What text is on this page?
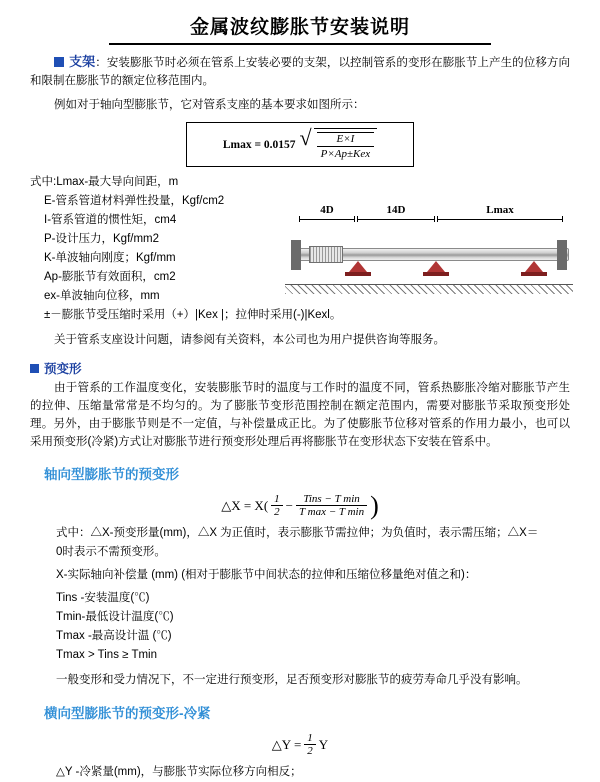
金属波纹膨胀节安装说明
支架：安装膨胀节时必须在管系上安装必要的支架，以控制管系的变形在膨胀节上产生的位移方向和限制在膨胀节的额定位移范围内。
例如对于轴向型膨胀节，它对管系支座的基本要求如图所示：
Lmax = 0.0157 √ $\frac{E\times I}{\text{P×Ap±Kex}}$
式中:Lmax-最大导向间距，m
E-管系管道材料弹性投量，Kgf/cm2
I-管系管道的惯性矩，cm4
P-设计压力，Kgf/mm2
K-单波轴向刚度；Kgf/mm
Ap-膨胀节有效面积，cm2
ex-单波轴向位移，mm
±－膨胀节受压缩时采用（+）|Kex |；拉伸时采用(-)|Kexl。
关于管系支座设计问题，请参阅有关资料，本公司也为用户提供咨询等服务。
4D	14D	Lmax
预变形
由于管系的工作温度变化，安装膨胀节时的温度与工作时的温度不同，管系热膨胀冷缩对膨胀节产生的拉伸、压缩量常常是不均匀的。为了膨胀节变形范围控制在额定范围内，需要对膨胀节采取预变形处理。另外，由于膨胀节则是不一定值，与补偿量成正比。为了使膨胀节位移对管系的作用力最小，也可以采用预变形(冷紧)方式让对膨胀节进行预变形处理后再将膨胀节在变形状态下安装在管系中。
轴向型膨胀节的预变形
△X = X( 1
2 − Tins − T min
T max − T min )
式中：△X-预变形量(mm)，△X 为正值时，表示膨胀节需拉伸；为负值时，表示需压缩；△X＝0时表示不需预变形。
X-实际轴向补偿量 (mm) (相对于膨胀节中间状态的拉伸和压缩位移量绝对值之和)：
Tins -安装温度(℃)
Tmin-最低设计温度(℃)
Tmax -最高设计温 (℃)
Tmax > Tins ≥ Tmin
一般变形和受力情况下，不一定进行预变形，足否预变形对膨胀节的疲劳寿命几乎没有影响。
横向型膨胀节的预变形-冷紧
△Y = $\frac{1}{2}$ Y
△Y -冷紧量(mm)，与膨胀节实际位移方向相反；
